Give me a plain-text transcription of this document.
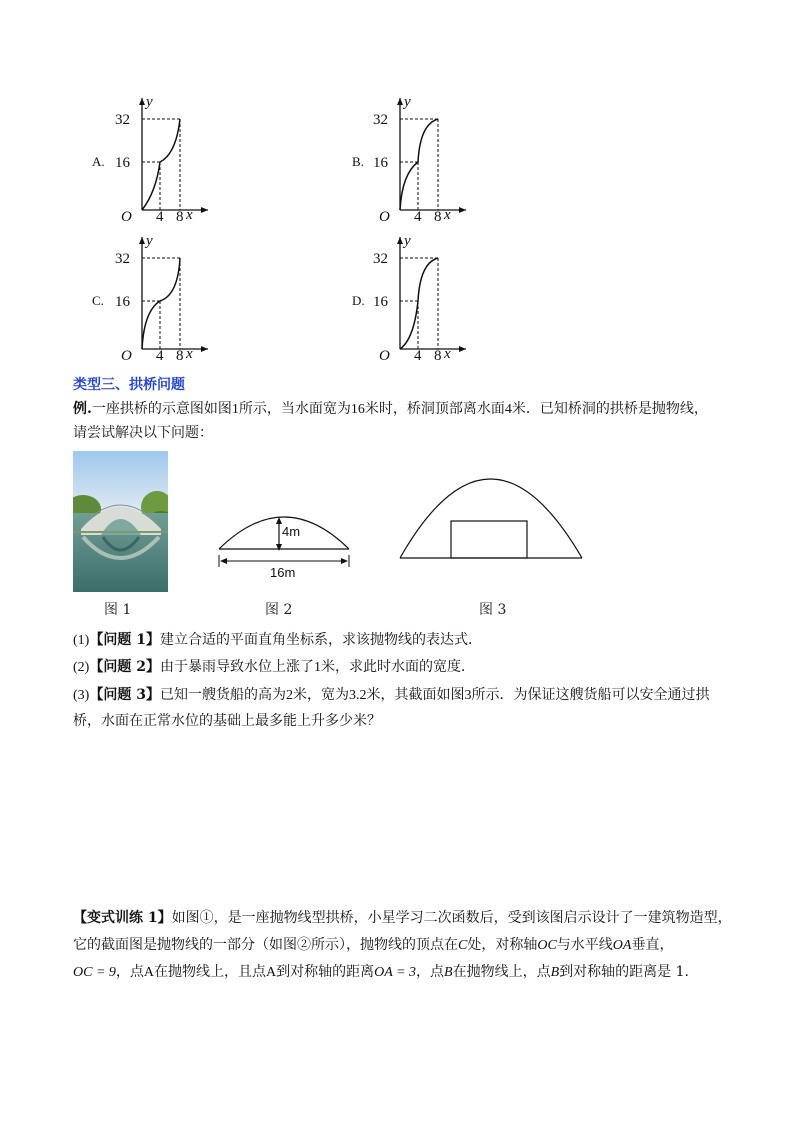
A.
y
32
16
O 4 8 x
B.
y
32
16
O 4 8 x
C.
y
32
16
O 4 8 x
D.
y
32
16
O 4 8 x
类型三、拱桥问题
例.一座拱桥的示意图如图1所示，当水面宽为16米时，桥洞顶部离水面4米．已知桥洞的拱桥是抛物线，
请尝试解决以下问题：
4m
16m
图 1	图 2	图 3
(1)【问题 1】建立合适的平面直角坐标系，求该抛物线的表达式．
(2)【问题 2】由于暴雨导致水位上涨了1米，求此时水面的宽度．
(3)【问题 3】已知一艘货船的高为2米，宽为3.2米，其截面如图3所示．为保证这艘货船可以安全通过拱
桥，水面在正常水位的基础上最多能上升多少米？
【变式训练 1】如图①，是一座抛物线型拱桥，小星学习二次函数后，受到该图启示设计了一建筑物造型，
它的截面图是抛物线的一部分（如图②所示），抛物线的顶点在C处，对称轴OC与水平线OA垂直，
OC = 9，点A在抛物线上，且点A到对称轴的距离OA = 3，点B在抛物线上，点B到对称轴的距离是 1.
